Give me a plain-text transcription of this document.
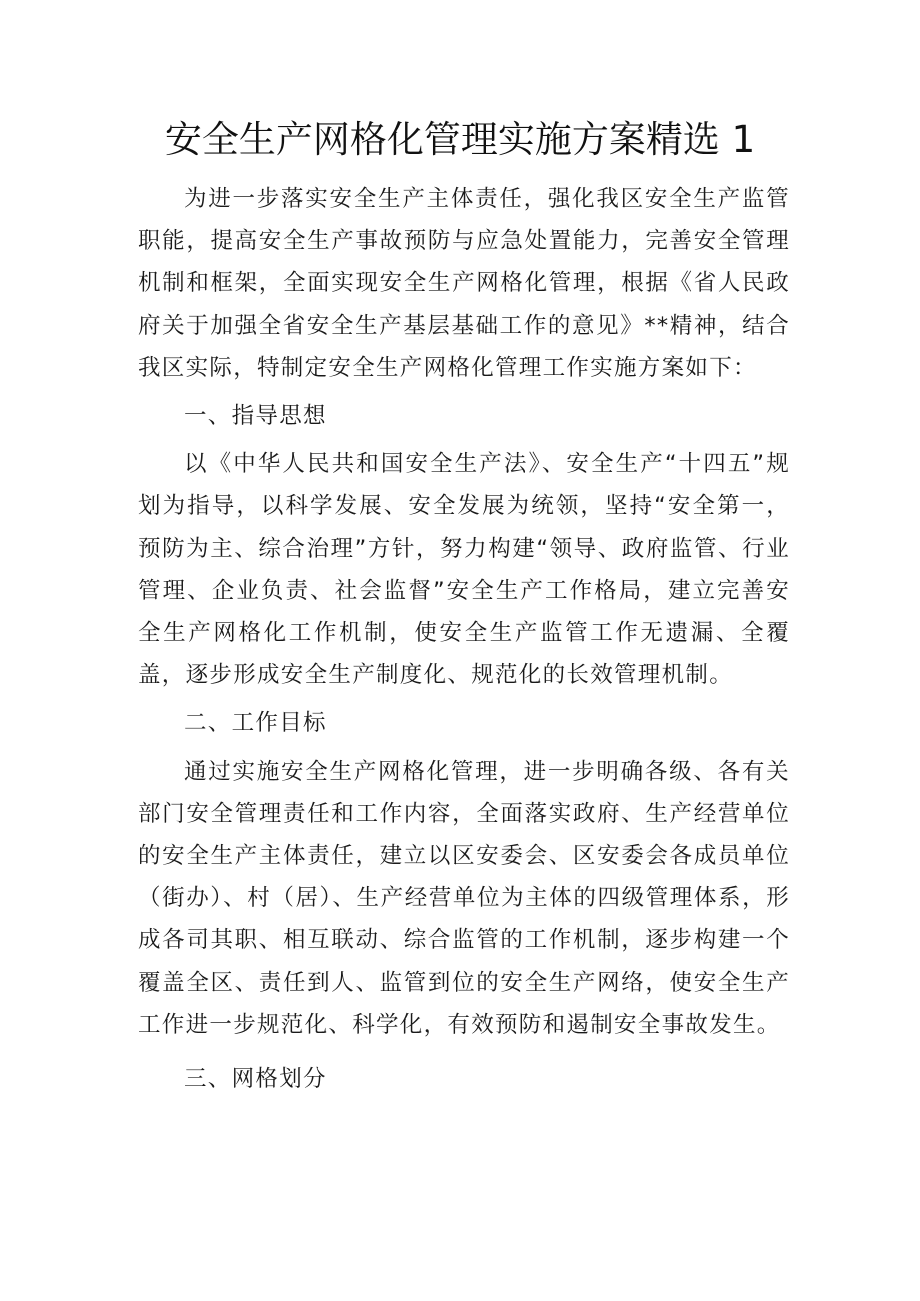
安全生产网格化管理实施方案精选 1

为进一步落实安全生产主体责任，强化我区安全生产监管职能，提高安全生产事故预防与应急处置能力，完善安全管理机制和框架，全面实现安全生产网格化管理，根据《省人民政府关于加强全省安全生产基层基础工作的意见》**精神，结合我区实际，特制定安全生产网格化管理工作实施方案如下：

一、指导思想

以《中华人民共和国安全生产法》、安全生产“十四五”规划为指导，以科学发展、安全发展为统领，坚持“安全第一，预防为主、综合治理”方针，努力构建“领导、政府监管、行业管理、企业负责、社会监督”安全生产工作格局，建立完善安全生产网格化工作机制，使安全生产监管工作无遗漏、全覆盖，逐步形成安全生产制度化、规范化的长效管理机制。

二、工作目标

通过实施安全生产网格化管理，进一步明确各级、各有关部门安全管理责任和工作内容，全面落实政府、生产经营单位的安全生产主体责任，建立以区安委会、区安委会各成员单位（街办）、村（居）、生产经营单位为主体的四级管理体系，形成各司其职、相互联动、综合监管的工作机制，逐步构建一个覆盖全区、责任到人、监管到位的安全生产网络，使安全生产工作进一步规范化、科学化，有效预防和遏制安全事故发生。

三、网格划分
